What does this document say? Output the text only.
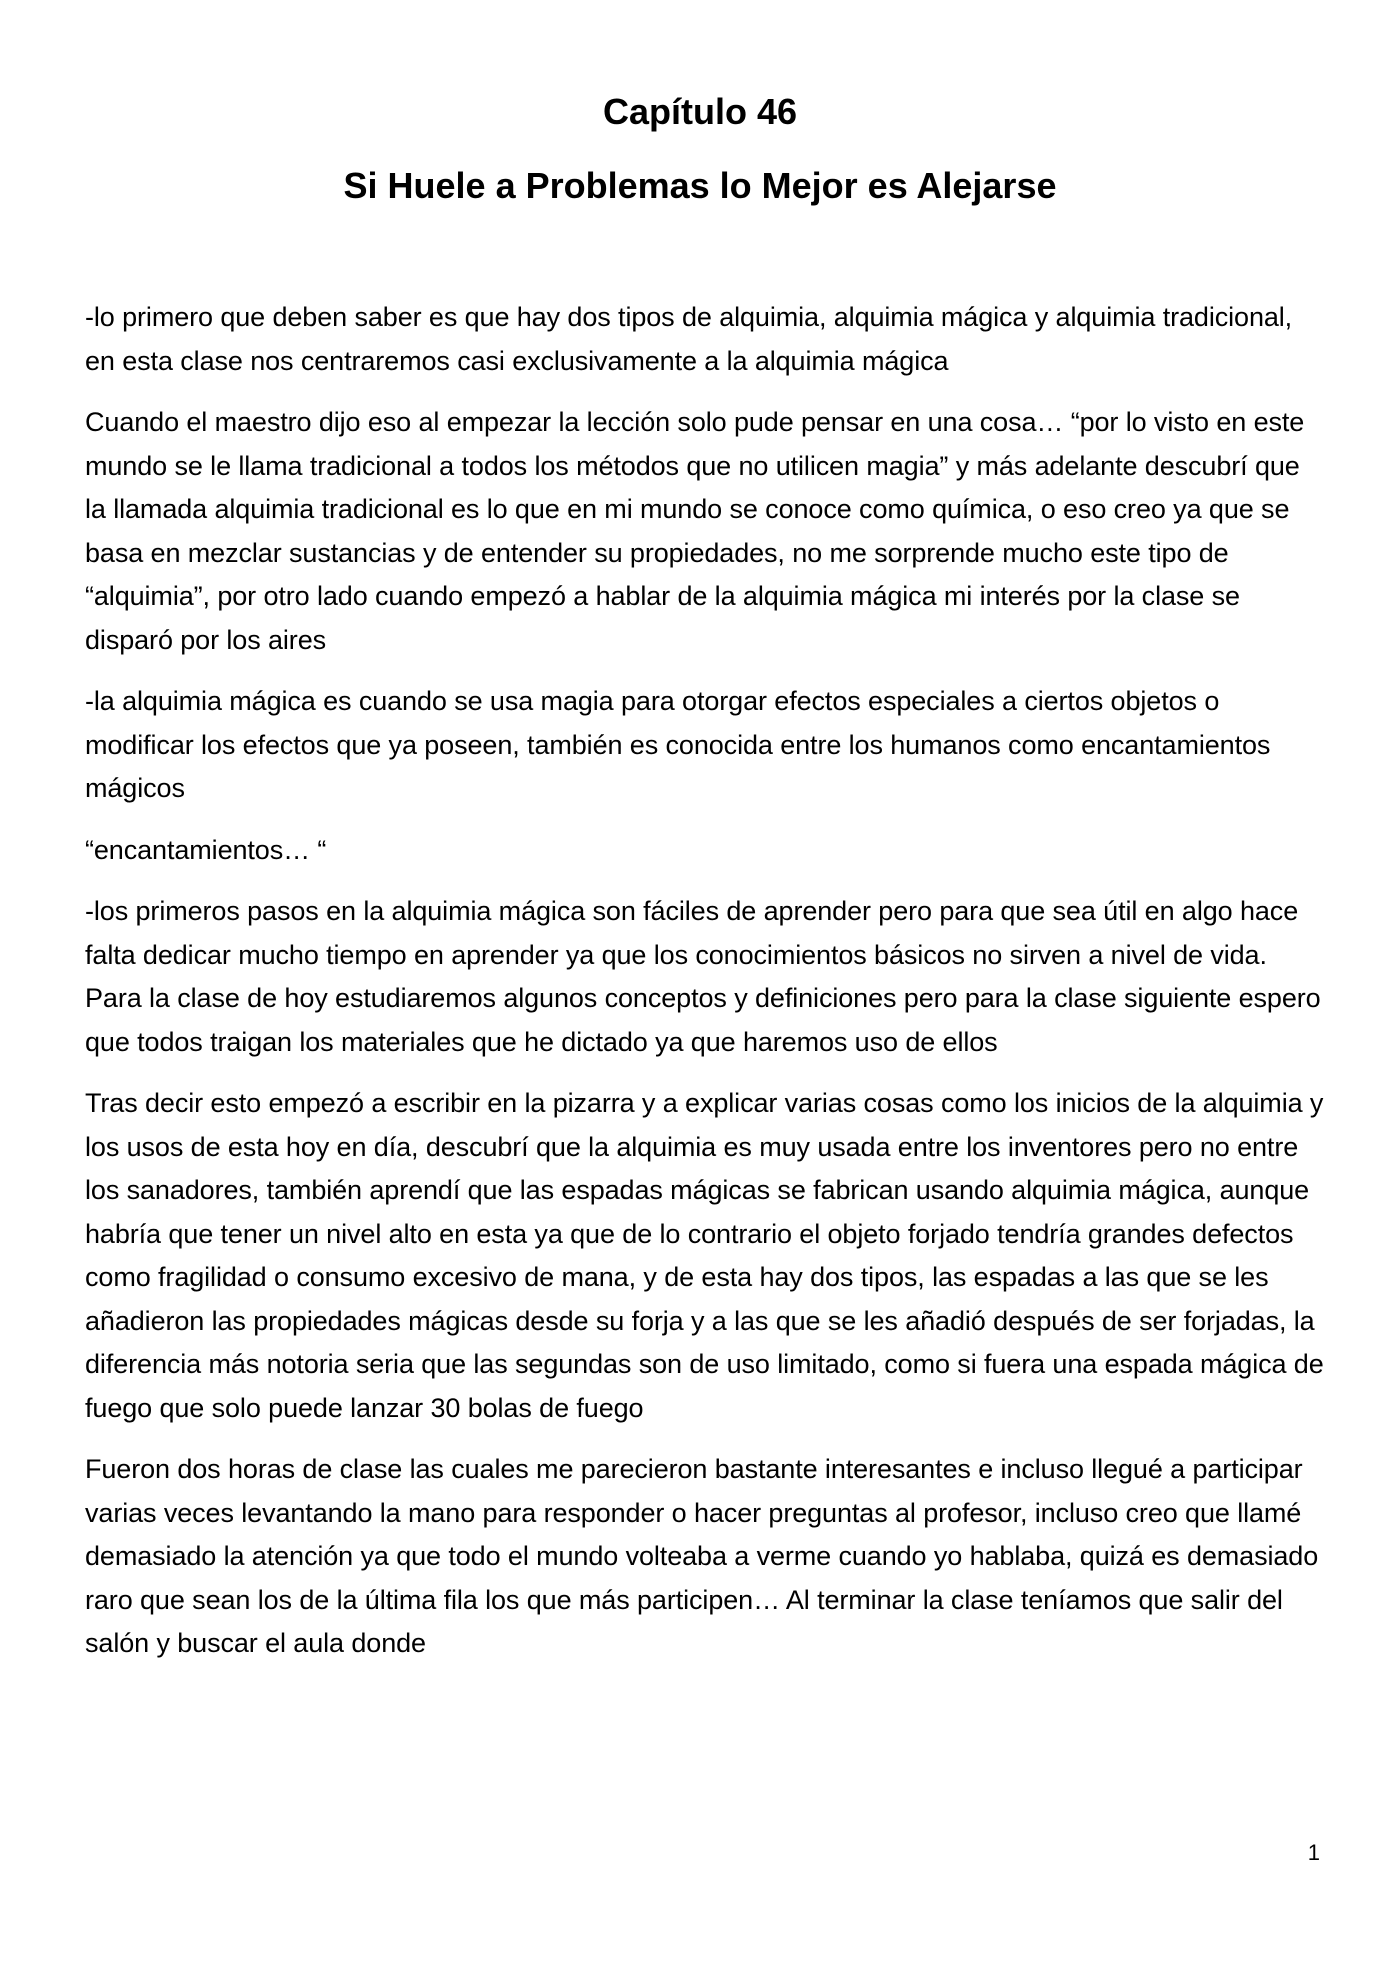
Capítulo 46
Si Huele a Problemas lo Mejor es Alejarse

-lo primero que deben saber es que hay dos tipos de alquimia, alquimia mágica y alquimia tradicional, en esta clase nos centraremos casi exclusivamente a la alquimia mágica

Cuando el maestro dijo eso al empezar la lección solo pude pensar en una cosa… “por lo visto en este mundo se le llama tradicional a todos los métodos que no utilicen magia” y más adelante descubrí que la llamada alquimia tradicional es lo que en mi mundo se conoce como química, o eso creo ya que se basa en mezclar sustancias y de entender su propiedades, no me sorprende mucho este tipo de “alquimia”, por otro lado cuando empezó a hablar de la alquimia mágica mi interés por la clase se disparó por los aires

-la alquimia mágica es cuando se usa magia para otorgar efectos especiales a ciertos objetos o modificar los efectos que ya poseen, también es conocida entre los humanos como encantamientos mágicos

“encantamientos… “

-los primeros pasos en la alquimia mágica son fáciles de aprender pero para que sea útil en algo hace falta dedicar mucho tiempo en aprender ya que los conocimientos básicos no sirven a nivel de vida. Para la clase de hoy estudiaremos algunos conceptos y definiciones pero para la clase siguiente espero que todos traigan los materiales que he dictado ya que haremos uso de ellos

Tras decir esto empezó a escribir en la pizarra y a explicar varias cosas como los inicios de la alquimia y los usos de esta hoy en día, descubrí que la alquimia es muy usada entre los inventores pero no entre los sanadores, también aprendí que las espadas mágicas se fabrican usando alquimia mágica, aunque habría que tener un nivel alto en esta ya que de lo contrario el objeto forjado tendría grandes defectos como fragilidad o consumo excesivo de mana, y de esta hay dos tipos, las espadas a las que se les añadieron las propiedades mágicas desde su forja y a las que se les añadió después de ser forjadas, la diferencia más notoria seria que las segundas son de uso limitado, como si fuera una espada mágica de fuego que solo puede lanzar 30 bolas de fuego

Fueron dos horas de clase las cuales me parecieron bastante interesantes e incluso llegué a participar varias veces levantando la mano para responder o hacer preguntas al profesor, incluso creo que llamé demasiado la atención ya que todo el mundo volteaba a verme cuando yo hablaba, quizá es demasiado raro que sean los de la última fila los que más participen… Al terminar la clase teníamos que salir del salón y buscar el aula donde

1
